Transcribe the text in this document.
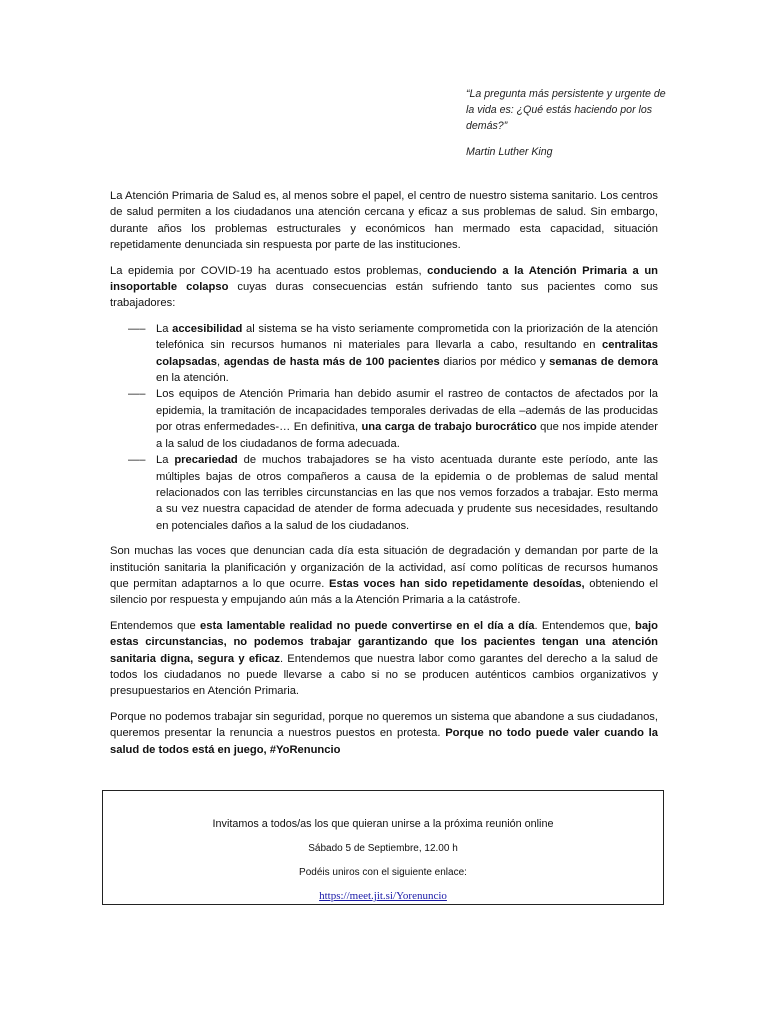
“La pregunta más persistente y urgente de la vida es: ¿Qué estás haciendo por los demás?”
Martin Luther King

La Atención Primaria de Salud es, al menos sobre el papel, el centro de nuestro sistema sanitario. Los centros de salud permiten a los ciudadanos una atención cercana y eficaz a sus problemas de salud. Sin embargo, durante años los problemas estructurales y económicos han mermado esta capacidad, situación repetidamente denunciada sin respuesta por parte de las instituciones.

La epidemia por COVID-19 ha acentuado estos problemas, conduciendo a la Atención Primaria a un insoportable colapso cuyas duras consecuencias están sufriendo tanto sus pacientes como sus trabajadores:

—– La accesibilidad al sistema se ha visto seriamente comprometida con la priorización de la atención telefónica sin recursos humanos ni materiales para llevarla a cabo, resultando en centralitas colapsadas, agendas de hasta más de 100 pacientes diarios por médico y semanas de demora en la atención.
—– Los equipos de Atención Primaria han debido asumir el rastreo de contactos de afectados por la epidemia, la tramitación de incapacidades temporales derivadas de ella –además de las producidas por otras enfermedades-… En definitiva, una carga de trabajo burocrático que nos impide atender a la salud de los ciudadanos de forma adecuada.
—– La precariedad de muchos trabajadores se ha visto acentuada durante este período, ante las múltiples bajas de otros compañeros a causa de la epidemia o de problemas de salud mental relacionados con las terribles circunstancias en las que nos vemos forzados a trabajar. Esto merma a su vez nuestra capacidad de atender de forma adecuada y prudente sus necesidades, resultando en potenciales daños a la salud de los ciudadanos.

Son muchas las voces que denuncian cada día esta situación de degradación y demandan por parte de la institución sanitaria la planificación y organización de la actividad, así como políticas de recursos humanos que permitan adaptarnos a lo que ocurre. Estas voces han sido repetidamente desoídas, obteniendo el silencio por respuesta y empujando aún más a la Atención Primaria a la catástrofe.

Entendemos que esta lamentable realidad no puede convertirse en el día a día. Entendemos que, bajo estas circunstancias, no podemos trabajar garantizando que los pacientes tengan una atención sanitaria digna, segura y eficaz. Entendemos que nuestra labor como garantes del derecho a la salud de todos los ciudadanos no puede llevarse a cabo si no se producen auténticos cambios organizativos y presupuestarios en Atención Primaria.

Porque no podemos trabajar sin seguridad, porque no queremos un sistema que abandone a sus ciudadanos, queremos presentar la renuncia a nuestros puestos en protesta. Porque no todo puede valer cuando la salud de todos está en juego, #YoRenuncio

Invitamos a todos/as los que quieran unirse a la próxima reunión online
Sábado 5 de Septiembre, 12.00 h
Podéis uniros con el siguiente enlace:
https://meet.jit.si/Yorenuncio
